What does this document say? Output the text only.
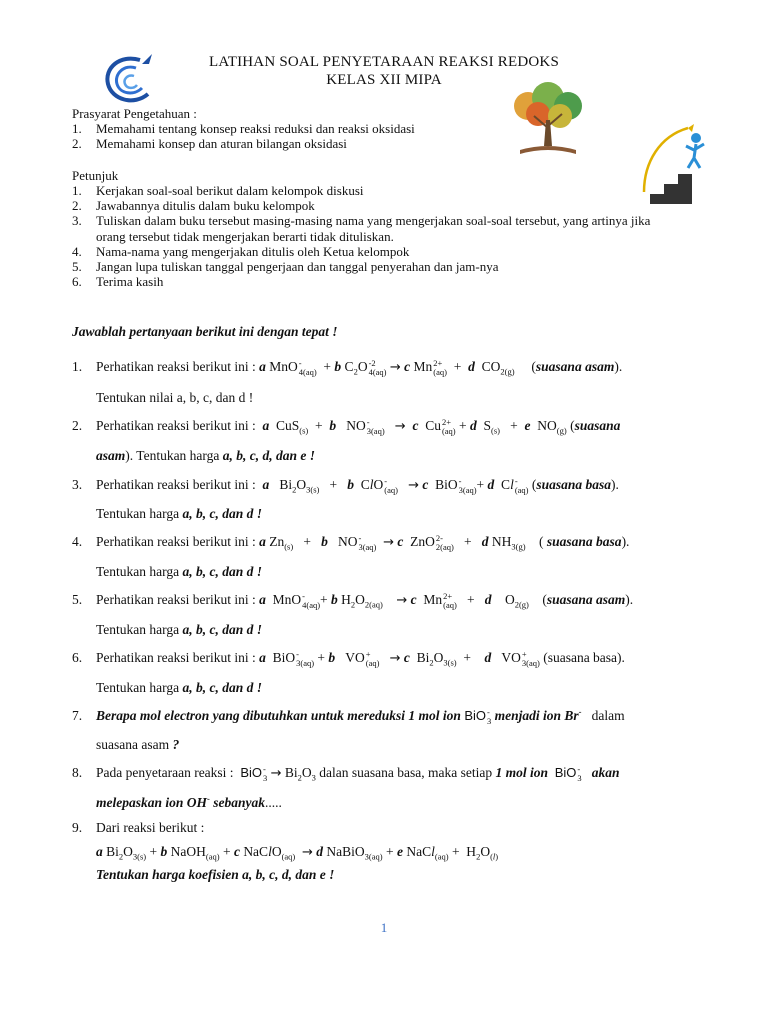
LATIHAN SOAL PENYETARAAN REAKSI REDOKS
KELAS XII MIPA
Prasyarat Pengetahuan :
1. Memahami tentang konsep reaksi reduksi dan reaksi oksidasi
2. Memahami konsep dan aturan bilangan oksidasi
Petunjuk
1. Kerjakan soal-soal berikut dalam kelompok diskusi
2. Jawabannya ditulis dalam buku kelompok
3. Tuliskan dalam buku tersebut masing-masing nama yang mengerjakan soal-soal tersebut, yang artinya jika
orang tersebut tidak mengerjakan berarti tidak dituliskan.
4. Nama-nama yang mengerjakan ditulis oleh Ketua kelompok
5. Jangan lupa tuliskan tanggal pengerjaan dan tanggal penyerahan dan jam-nya
6. Terima kasih
Jawablah pertanyaan berikut ini dengan tepat !
1.	Perhatikan reaksi berikut ini : a MnO -
4(aq) + b $C_2O$ -2
4(aq) → c Mn 2+
(aq) +  d  $CO_{2(g)}$     (suasana asam).
Tentukan nilai a, b, c, dan d !
2.	Perhatikan reaksi berikut ini :  a  CuS$_{(s)}$  +  b   NO -
3(aq) → c  Cu 2+
(aq) + d  $S_{(s)} + e$  $NO_{(g)}$ (suasana
asam). Tentukan harga a, b, c, d, dan e !
3.	Perhatikan reaksi berikut ini :  a   $Bi_2O_{3(s)} + b$  ClO -
(aq) → c  BiO -
3(aq) + d  Cl -
(aq) (suasana basa).
Tentukan harga a, b, c, dan d !
4.	Perhatikan reaksi berikut ini : a $Zn_{(s)} + b$   NO -
3(aq) → c  ZnO 2-
2(aq) +   d $NH_{3(g)}$    ( suasana basa).
Tentukan harga a, b, c, dan d !
5.	Perhatikan reaksi berikut ini : a  MnO -
4(aq) + b $H_2O_{2(aq)} \to c$  Mn 2+
(aq) +   d    $O_{2(g)}$    (suasana asam).
Tentukan harga a, b, c, dan d !
6.	Perhatikan reaksi berikut ini : a  BiO -
3(aq) + b   VO +
(aq) → c  $Bi_2O_{3(s)}$  +    d   VO +
3(aq) (suasana basa).
Tentukan harga a, b, c, dan d !
7.	Berapa mol electron yang dibutuhkan untuk mereduksi 1 mol ion BiO -
3 menjadi ion Br- dalam
suasana asam ?
8.	Pada penyetaraan reaksi :  BiO -
$3 \to Bi_2O_3$ dalan suasana basa, maka setiap 1 mol ion BiO -
3 akan
melepaskan ion OH- sebanyak.....
9.	Dari reaksi berikut :
a $Bi_2O_{3(s)} + b$ NaOH$_{(aq)}$ + c NaClO$_{(aq)}$ → d NaBiO$_{3(aq)}$ + e NaCl$_{(aq)}$ +  $H_2O_{(l)}$
Tentukan harga koefisien a, b, c, d, dan e !
1
